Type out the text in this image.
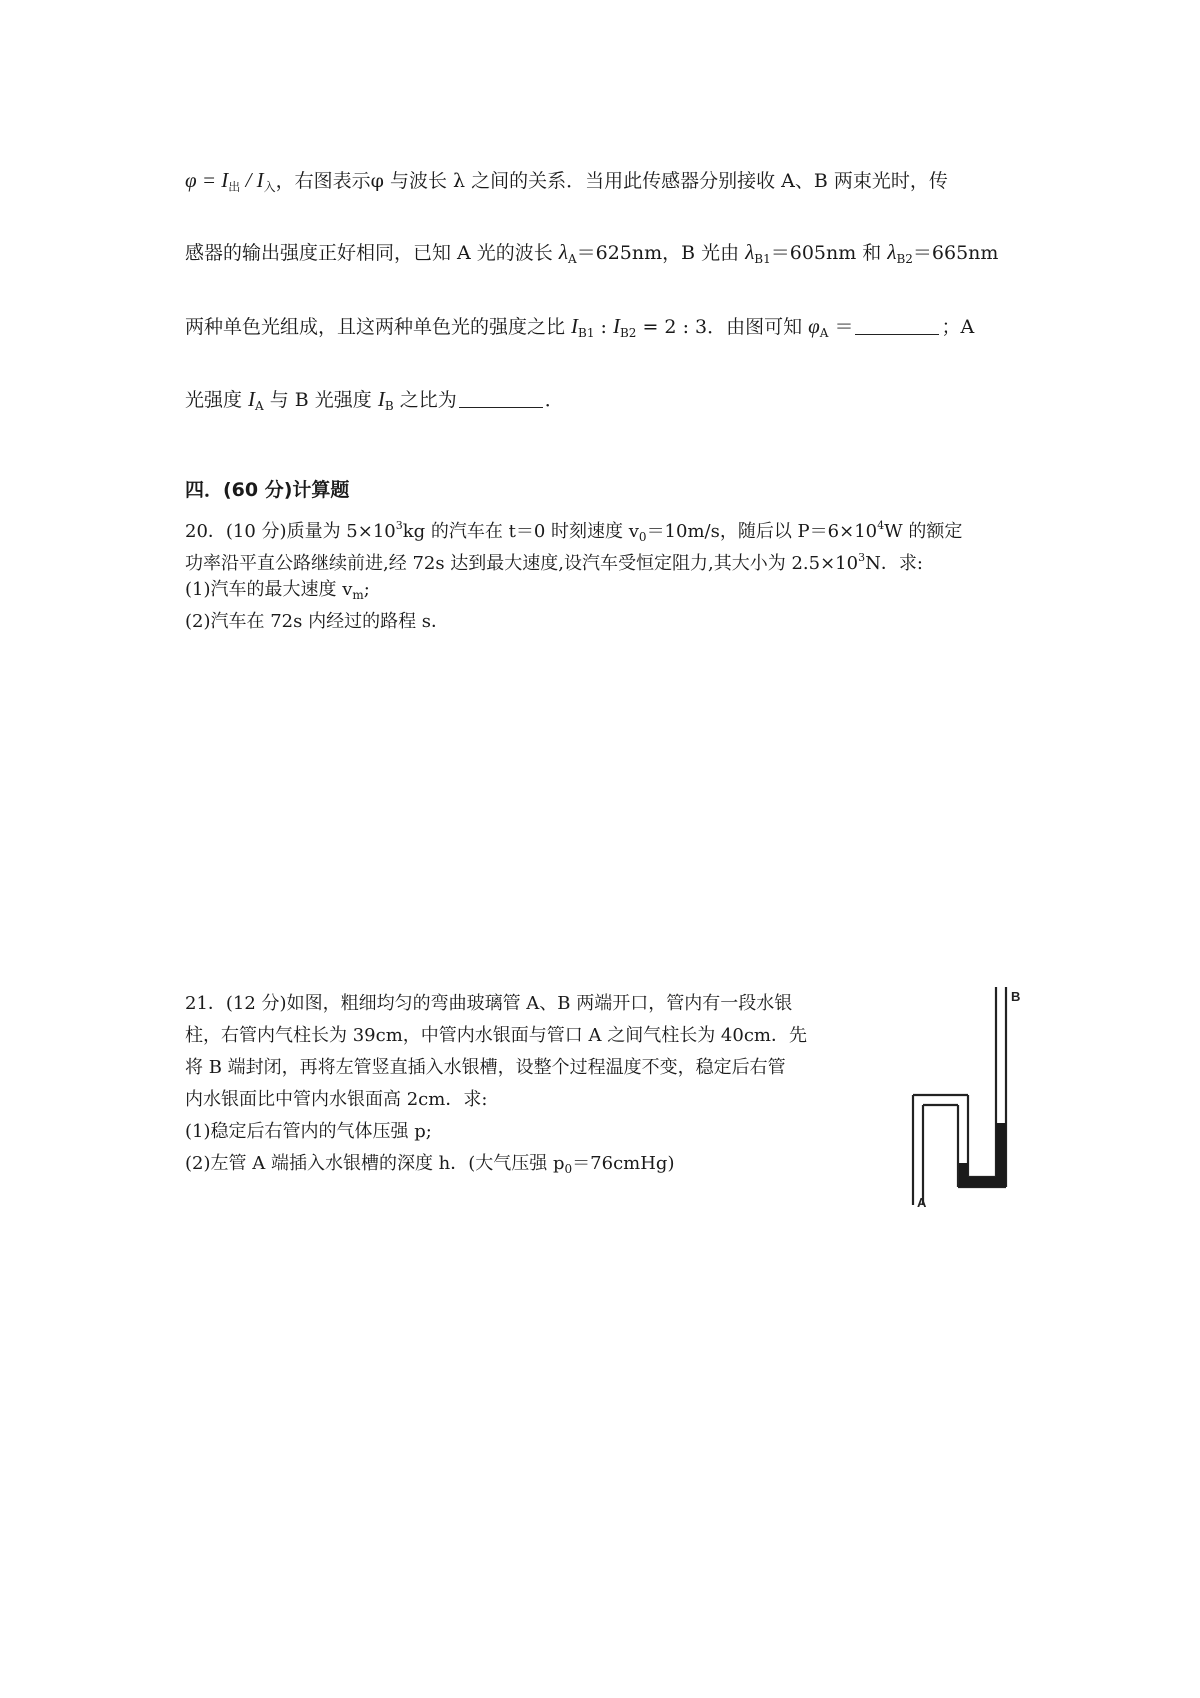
$\varphi = I_出 / I_入$，右图表示φ 与波长 λ 之间的关系．当用此传感器分别接收 A、B 两束光时，传
感器的输出强度正好相同，已知 A 光的波长 $\lambda_A=625nm$，B 光由 $\lambda_{B1}=605nm$ 和 $\lambda_{B2}=665nm$
两种单色光组成，且这两种单色光的强度之比 $I_{B1}$ : $I_{B2} = 2$ : 3．由图可知 $\varphi_A$ ＝	；A
光强度 $I_A$ 与 B 光强度 $I_B$ 之比为	．
四．(60 分)计算题
20．(10 分)质量为 $5\times 10^3kg$ 的汽车在 t＝0 时刻速度 $v_0=10m/s$，随后以 $P=6\times 10^4W$ 的额定
功率沿平直公路继续前进,经 72s 达到最大速度,设汽车受恒定阻力,其大小为 $2.5\times 10^3N$．求:
(1)汽车的最大速度 $v_m$;
(2)汽车在 72s 内经过的路程 s．
21．(12 分)如图，粗细均匀的弯曲玻璃管 A、B 两端开口，管内有一段水银
柱，右管内气柱长为 39cm，中管内水银面与管口 A 之间气柱长为 40cm．先
将 B 端封闭，再将左管竖直插入水银槽，设整个过程温度不变，稳定后右管
内水银面比中管内水银面高 2cm．求:
(1)稳定后右管内的气体压强 p;
(2)左管 A 端插入水银槽的深度 h．(大气压强 $p_0=76cmHg$)
B
A
